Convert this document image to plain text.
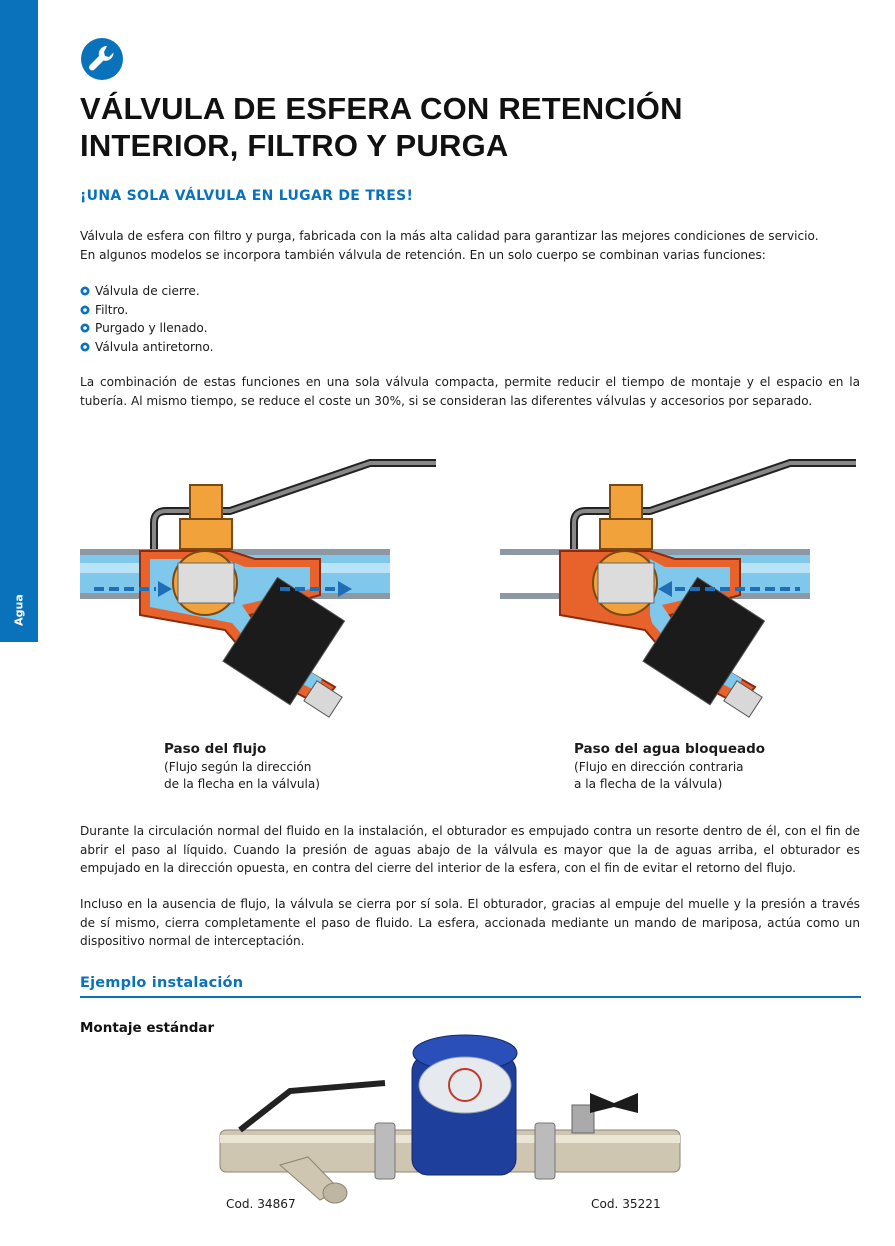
Agua
VÁLVULA DE ESFERA CON RETENCIÓN
INTERIOR, FILTRO Y PURGA
¡UNA SOLA VÁLVULA EN LUGAR DE TRES!
Válvula de esfera con filtro y purga, fabricada con la más alta calidad para garantizar las mejores condiciones de servicio.
En algunos modelos se incorpora también válvula de retención. En un solo cuerpo se combinan varias funciones:
Válvula de cierre.
Filtro.
Purgado y llenado.
Válvula antiretorno.
La combinación de estas funciones en una sola válvula compacta, permite reducir el tiempo de montaje y el espacio en la tubería. Al mismo tiempo, se reduce el coste un 30%, si se consideran las diferentes válvulas y accesorios por separado.
Paso del flujo
(Flujo según la dirección
de la flecha en la válvula)
Paso del agua bloqueado
(Flujo en dirección contraria
a la flecha de la válvula)
Durante la circulación normal del fluido en la instalación, el obturador es empujado contra un resorte dentro de él, con el fin de abrir el paso al líquido. Cuando la presión de aguas abajo de la válvula es mayor que la de aguas arriba, el obturador es empujado en la dirección opuesta, en contra del cierre del interior de la esfera, con el fin de evitar el retorno del flujo.
Incluso en la ausencia de flujo, la válvula se cierra por sí sola. El obturador, gracias al empuje del muelle y la presión a través de sí mismo, cierra completamente el paso de fluido. La esfera, accionada mediante un mando de mariposa, actúa como un dispositivo normal de interceptación.
Ejemplo instalación
Montaje estándar
Cod. 34867	Cod. 35221
